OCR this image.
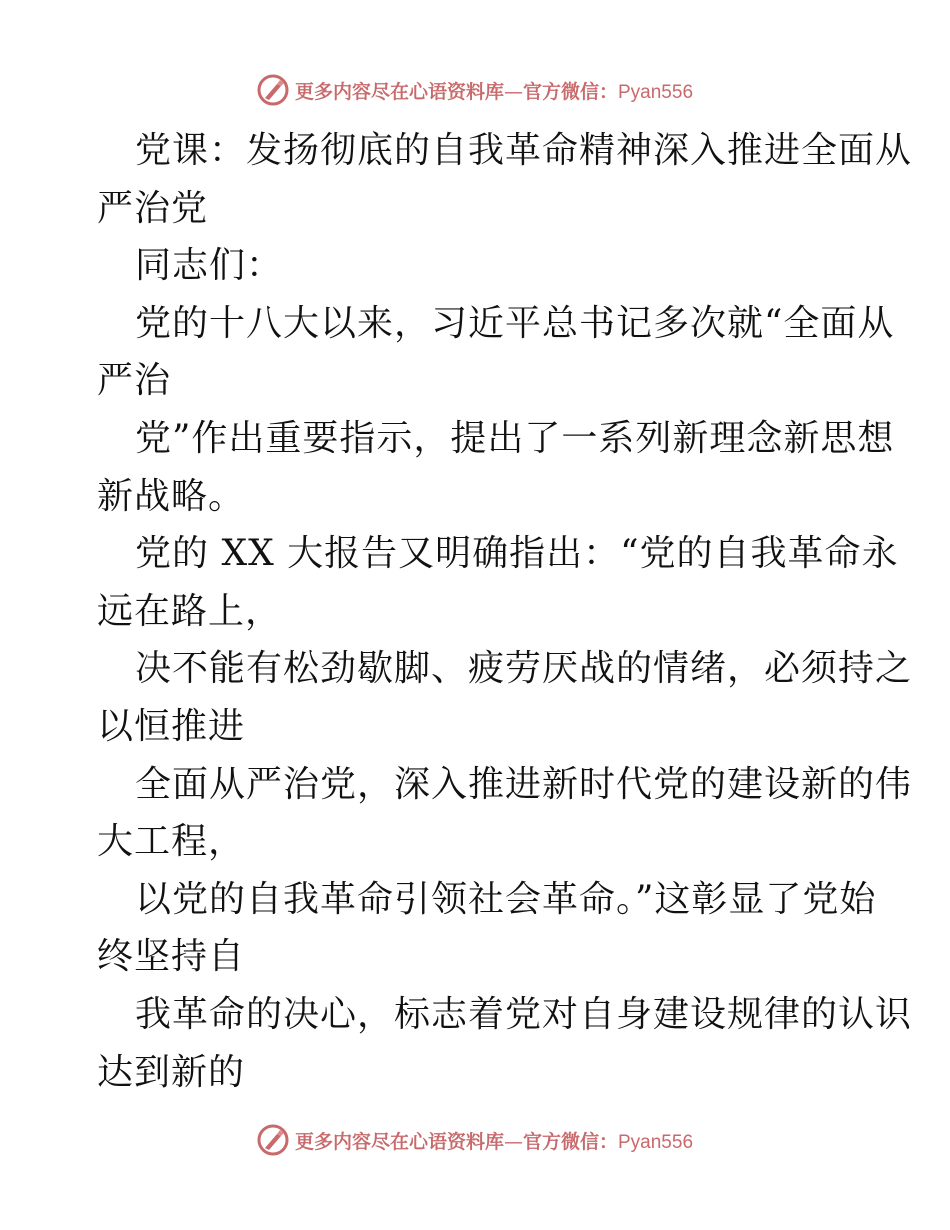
更多内容尽在心语资料库—官方微信：Pyan556
党课：发扬彻底的自我革命精神深入推进全面从
严治党
同志们：
党的十八大以来，习近平总书记多次就“全面从
严治
党”作出重要指示，提出了一系列新理念新思想
新战略。
党的 XX 大报告又明确指出：“党的自我革命永
远在路上，
决不能有松劲歇脚、疲劳厌战的情绪，必须持之
以恒推进
全面从严治党，深入推进新时代党的建设新的伟
大工程，
以党的自我革命引领社会革命。”这彰显了党始
终坚持自
我革命的决心，标志着党对自身建设规律的认识
达到新的
更多内容尽在心语资料库—官方微信：Pyan556
